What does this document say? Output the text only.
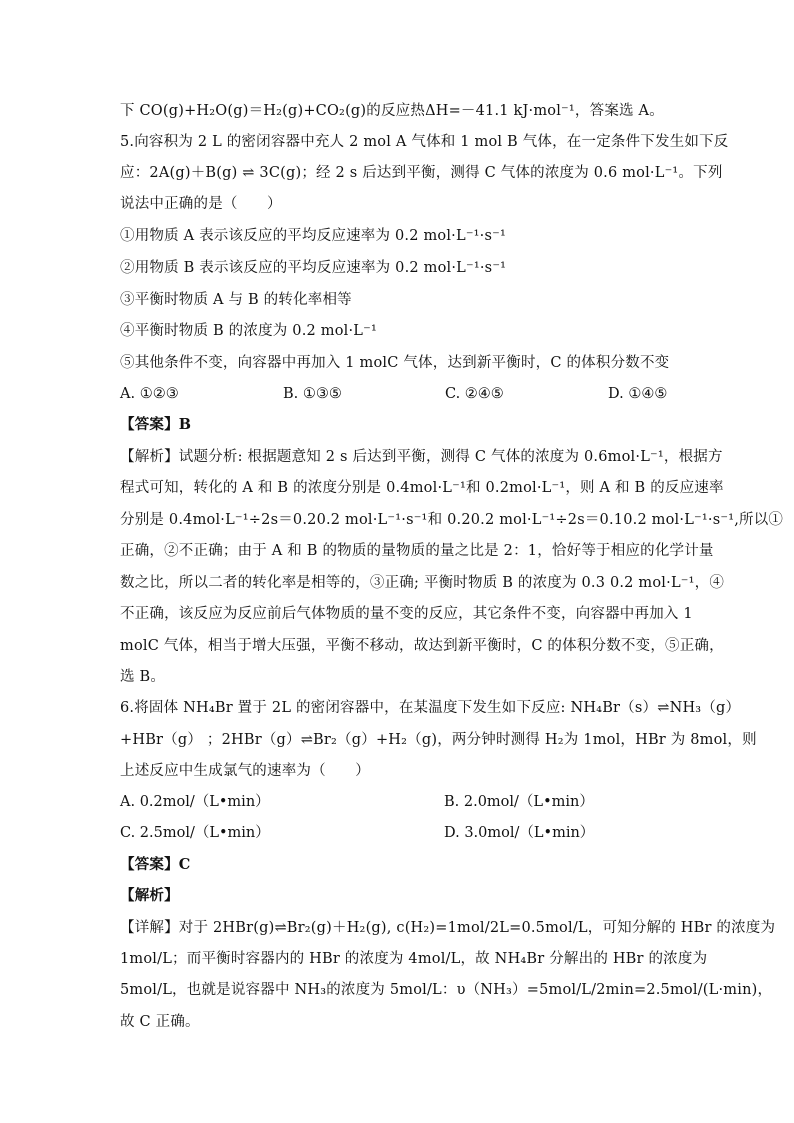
下 CO(g)+H₂O(g)＝H₂(g)+CO₂(g)的反应热ΔH=－41.1 kJ·mol⁻¹，答案选 A。
5.向容积为 2 L 的密闭容器中充人 2 mol A 气体和 1 mol B 气体，在一定条件下发生如下反
应：2A(g)＋B(g) ⇌ 3C(g)；经 2 s 后达到平衡，测得 C 气体的浓度为 0.6 mol·L⁻¹。下列
说法中正确的是（　　）
①用物质 A 表示该反应的平均反应速率为 0.2 mol·L⁻¹·s⁻¹
②用物质 B 表示该反应的平均反应速率为 0.2 mol·L⁻¹·s⁻¹
③平衡时物质 A 与 B 的转化率相等
④平衡时物质 B 的浓度为 0.2 mol·L⁻¹
⑤其他条件不变，向容器中再加入 1 molC 气体，达到新平衡时，C 的体积分数不变
A. ①②③	B. ①③⑤	C. ②④⑤	D. ①④⑤
【答案】B
【解析】试题分析: 根据题意知 2 s 后达到平衡，测得 C 气体的浓度为 0.6mol·L⁻¹，根据方
程式可知，转化的 A 和 B 的浓度分别是 0.4mol·L⁻¹和 0.2mol·L⁻¹，则 A 和 B 的反应速率
分别是 0.4mol·L⁻¹÷2s＝0.20.2 mol·L⁻¹·s⁻¹和 0.20.2 mol·L⁻¹÷2s＝0.10.2 mol·L⁻¹·s⁻¹,所以①
正确，②不正确；由于 A 和 B 的物质的量物质的量之比是 2：1，恰好等于相应的化学计量
数之比，所以二者的转化率是相等的，③正确; 平衡时物质 B 的浓度为 0.3 0.2 mol·L⁻¹，④
不正确，该反应为反应前后气体物质的量不变的反应，其它条件不变，向容器中再加入 1
molC 气体，相当于增大压强，平衡不移动，故达到新平衡时，C 的体积分数不变，⑤正确，
选 B。
6.将固体 NH₄Br 置于 2L 的密闭容器中，在某温度下发生如下反应: NH₄Br（s）⇌NH₃（g）
+HBr（g） ；2HBr（g）⇌Br₂（g）+H₂（g)，两分钟时测得 H₂为 1mol，HBr 为 8mol，则
上述反应中生成氯气的速率为（　　）
A. 0.2mol/（L•min）	B. 2.0mol/（L•min）
C. 2.5mol/（L•min）	D. 3.0mol/（L•min）
【答案】C
【解析】
【详解】对于 2HBr(g)⇌Br₂(g)＋H₂(g), c(H₂)=1mol/2L=0.5mol/L，可知分解的 HBr 的浓度为
1mol/L；而平衡时容器内的 HBr 的浓度为 4mol/L，故 NH₄Br 分解出的 HBr 的浓度为
5mol/L，也就是说容器中 NH₃的浓度为 5mol/L：υ（NH₃）=5mol/L/2min=2.5mol/(L·min)，
故 C 正确。
